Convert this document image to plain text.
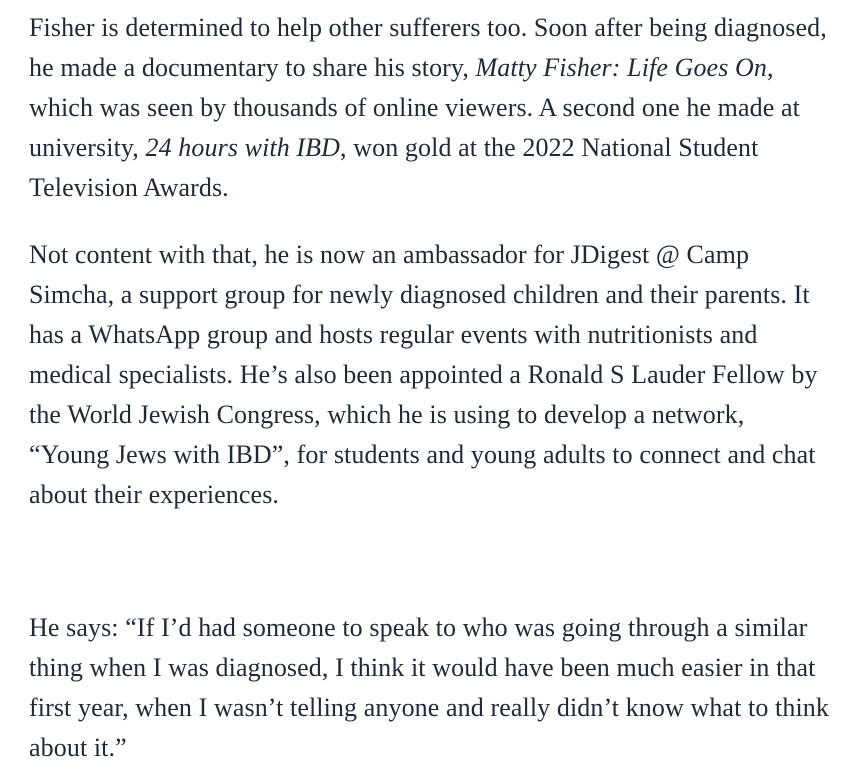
Fisher is determined to help other sufferers too. Soon after being diagnosed, he made a documentary to share his story, Matty Fisher: Life Goes On, which was seen by thousands of online viewers. A second one he made at university, 24 hours with IBD, won gold at the 2022 National Student Television Awards.

Not content with that, he is now an ambassador for JDigest @ Camp Simcha, a support group for newly diagnosed children and their parents. It has a WhatsApp group and hosts regular events with nutritionists and medical specialists. He’s also been appointed a Ronald S Lauder Fellow by the World Jewish Congress, which he is using to develop a network, “Young Jews with IBD”, for students and young adults to connect and chat about their experiences.

He says: “If I’d had someone to speak to who was going through a similar thing when I was diagnosed, I think it would have been much easier in that first year, when I wasn’t telling anyone and really didn’t know what to think about it.”
